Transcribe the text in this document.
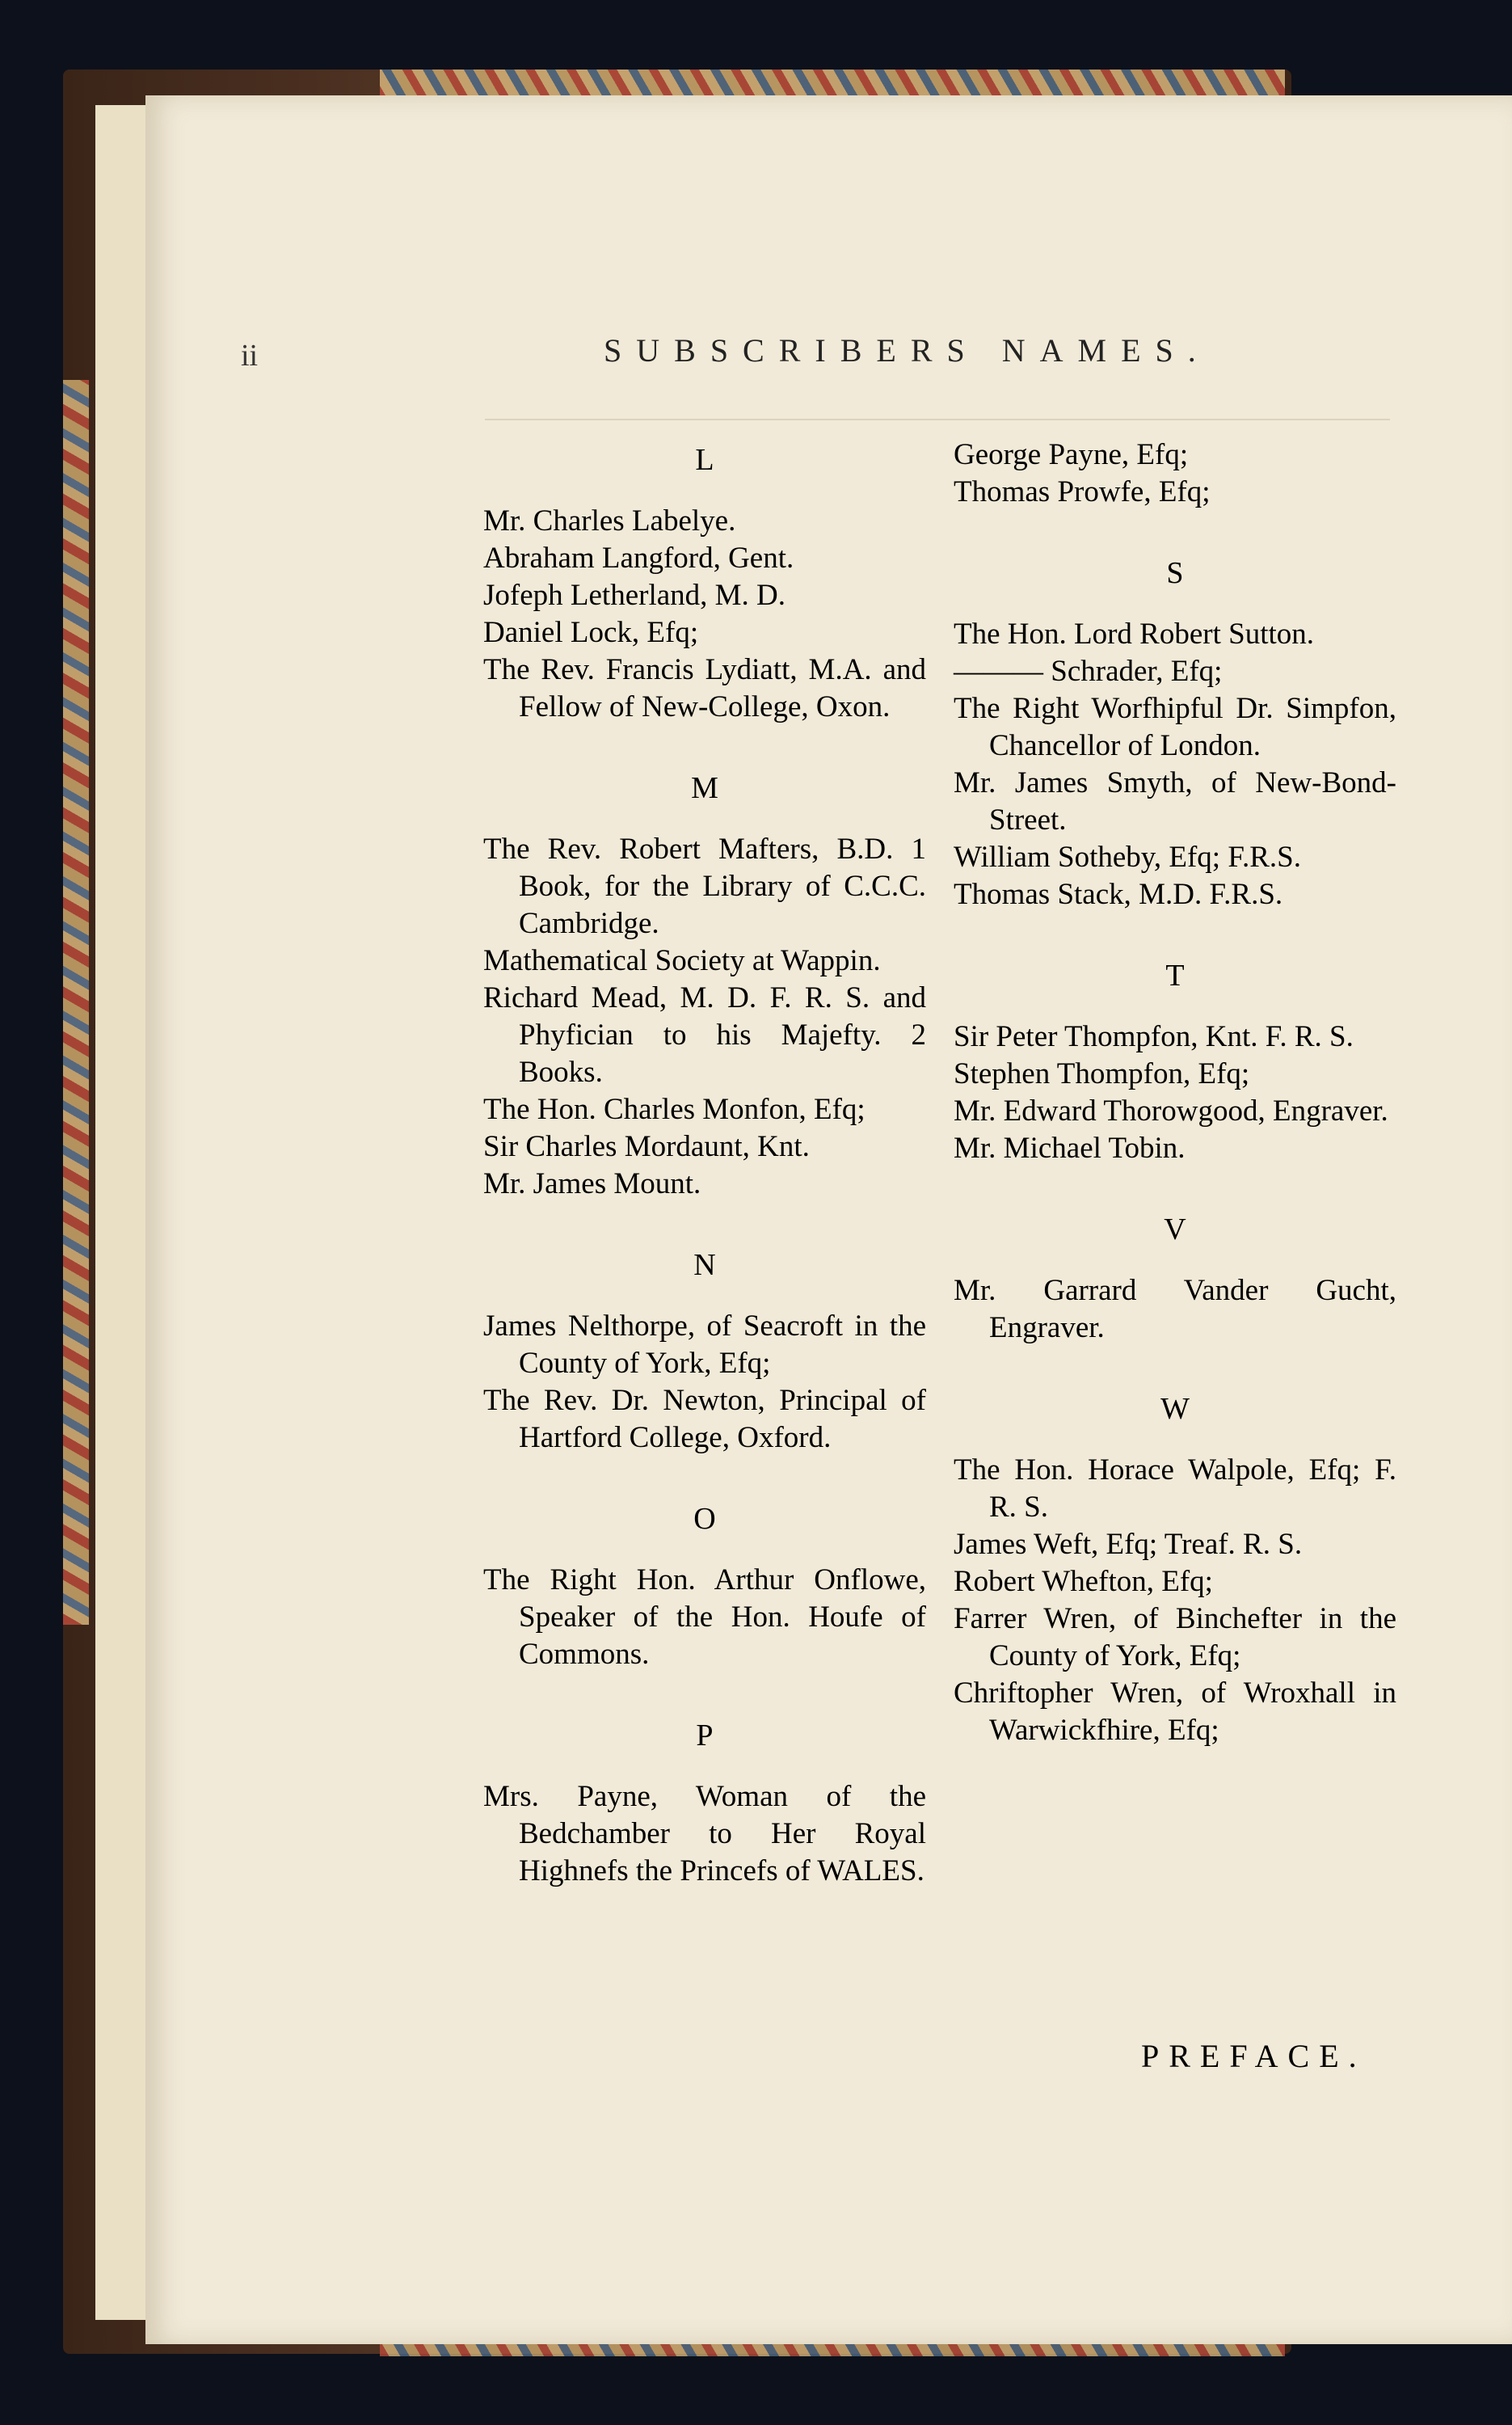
ii	SUBSCRIBERS NAMES.
L

Mr. Charles Labelye.

Abraham Langford, Gent.

Jofeph Letherland, M. D.

Daniel Lock, Efq;

The Rev. Francis Lydiatt, M.A. and Fellow of New-College, Oxon.

M

The Rev. Robert Mafters, B.D. 1 Book, for the Library of C.C.C. Cambridge.

Mathematical Society at Wappin.

Richard Mead, M. D. F. R. S. and Phyfician to his Majefty. 2 Books.

The Hon. Charles Monfon, Efq;

Sir Charles Mordaunt, Knt.

Mr. James Mount.

N

James Nelthorpe, of Seacroft in the County of York, Efq;

The Rev. Dr. Newton, Principal of Hartford College, Oxford.

O

The Right Hon. Arthur Onflowe, Speaker of the Hon. Houfe of Commons.

P

Mrs. Payne, Woman of the Bedchamber to Her Royal Highnefs the Princefs of WALES.

George Payne, Efq;

Thomas Prowfe, Efq;

S

The Hon. Lord Robert Sutton.

——— Schrader, Efq;

The Right Worfhipful Dr. Simpfon, Chancellor of London.

Mr. James Smyth, of New-Bond-Street.

William Sotheby, Efq; F.R.S.

Thomas Stack, M.D. F.R.S.

T

Sir Peter Thompfon, Knt. F. R. S.

Stephen Thompfon, Efq;

Mr. Edward Thorowgood, Engraver.

Mr. Michael Tobin.

V

Mr. Garrard Vander Gucht, Engraver.

W

The Hon. Horace Walpole, Efq; F. R. S.

James Weft, Efq; Treaf. R. S.

Robert Whefton, Efq;

Farrer Wren, of Binchefter in the County of York, Efq;

Chriftopher Wren, of Wroxhall in Warwickfhire, Efq;

PREFACE.
